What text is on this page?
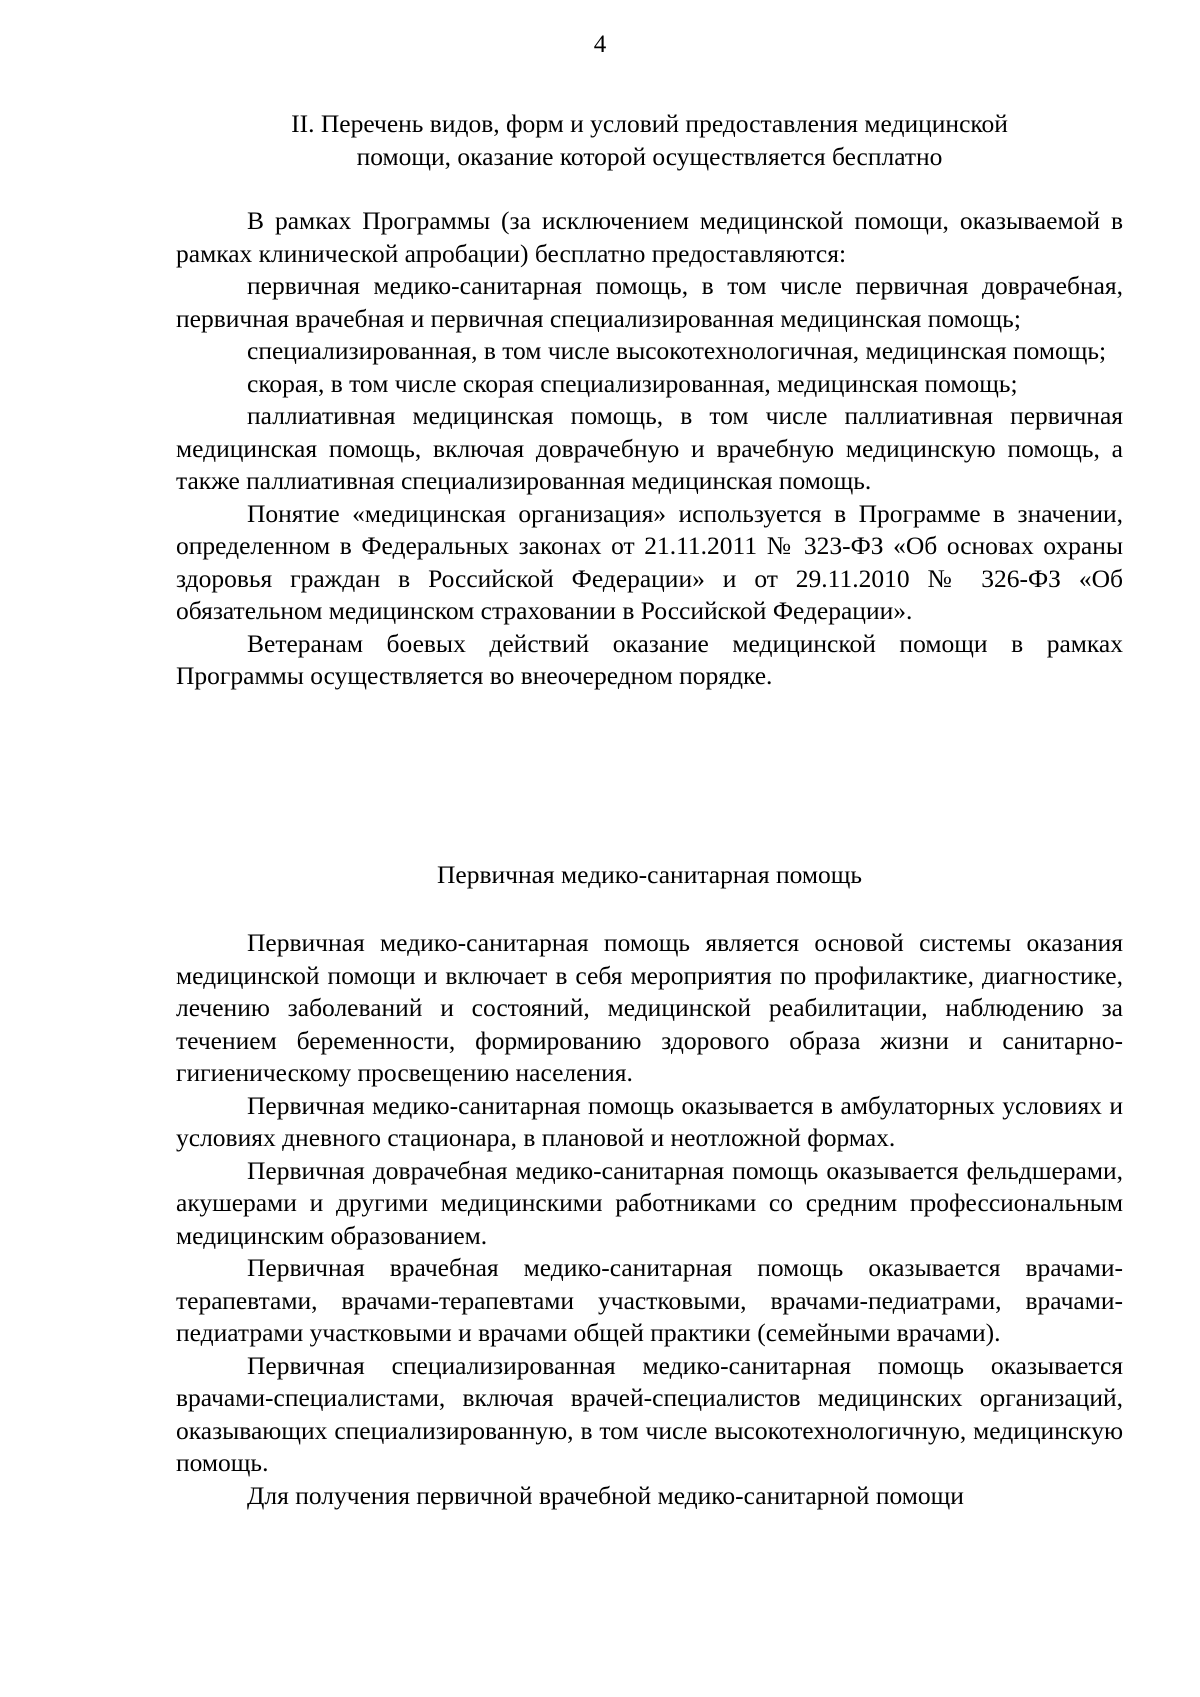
4
II. Перечень видов, форм и условий предоставления медицинской
помощи, оказание которой осуществляется бесплатно

В рамках Программы (за исключением медицинской помощи, оказываемой в рамках клинической апробации) бесплатно предоставляются:

первичная медико-санитарная помощь, в том числе первичная доврачебная, первичная врачебная и первичная специализированная медицинская помощь;

специализированная, в том числе высокотехнологичная, медицинская помощь;

скорая, в том числе скорая специализированная, медицинская помощь;

паллиативная медицинская помощь, в том числе паллиативная первичная медицинская помощь, включая доврачебную и врачебную медицинскую помощь, а также паллиативная специализированная медицинская помощь.

Понятие «медицинская организация» используется в Программе в значении, определенном в Федеральных законах от 21.11.2011 № 323-ФЗ «Об основах охраны здоровья граждан в Российской Федерации» и от 29.11.2010 № 326-ФЗ «Об обязательном медицинском страховании в Российской Федерации».

Ветеранам боевых действий оказание медицинской помощи в рамках Программы осуществляется во внеочередном порядке.

Первичная медико-санитарная помощь

Первичная медико-санитарная помощь является основой системы оказания медицинской помощи и включает в себя мероприятия по профилактике, диагностике, лечению заболеваний и состояний, медицинской реабилитации, наблюдению за течением беременности, формированию здорового образа жизни и санитарно-гигиеническому просвещению населения.

Первичная медико-санитарная помощь оказывается в амбулаторных условиях и условиях дневного стационара, в плановой и неотложной формах.

Первичная доврачебная медико-санитарная помощь оказывается фельдшерами, акушерами и другими медицинскими работниками со средним профессиональным медицинским образованием.

Первичная врачебная медико-санитарная помощь оказывается врачами-терапевтами, врачами-терапевтами участковыми, врачами-педиатрами, врачами-педиатрами участковыми и врачами общей практики (семейными врачами).

Первичная специализированная медико-санитарная помощь оказывается врачами-специалистами, включая врачей-специалистов медицинских организаций, оказывающих специализированную, в том числе высокотехнологичную, медицинскую помощь.

Для получения первичной врачебной медико-санитарной помощи
